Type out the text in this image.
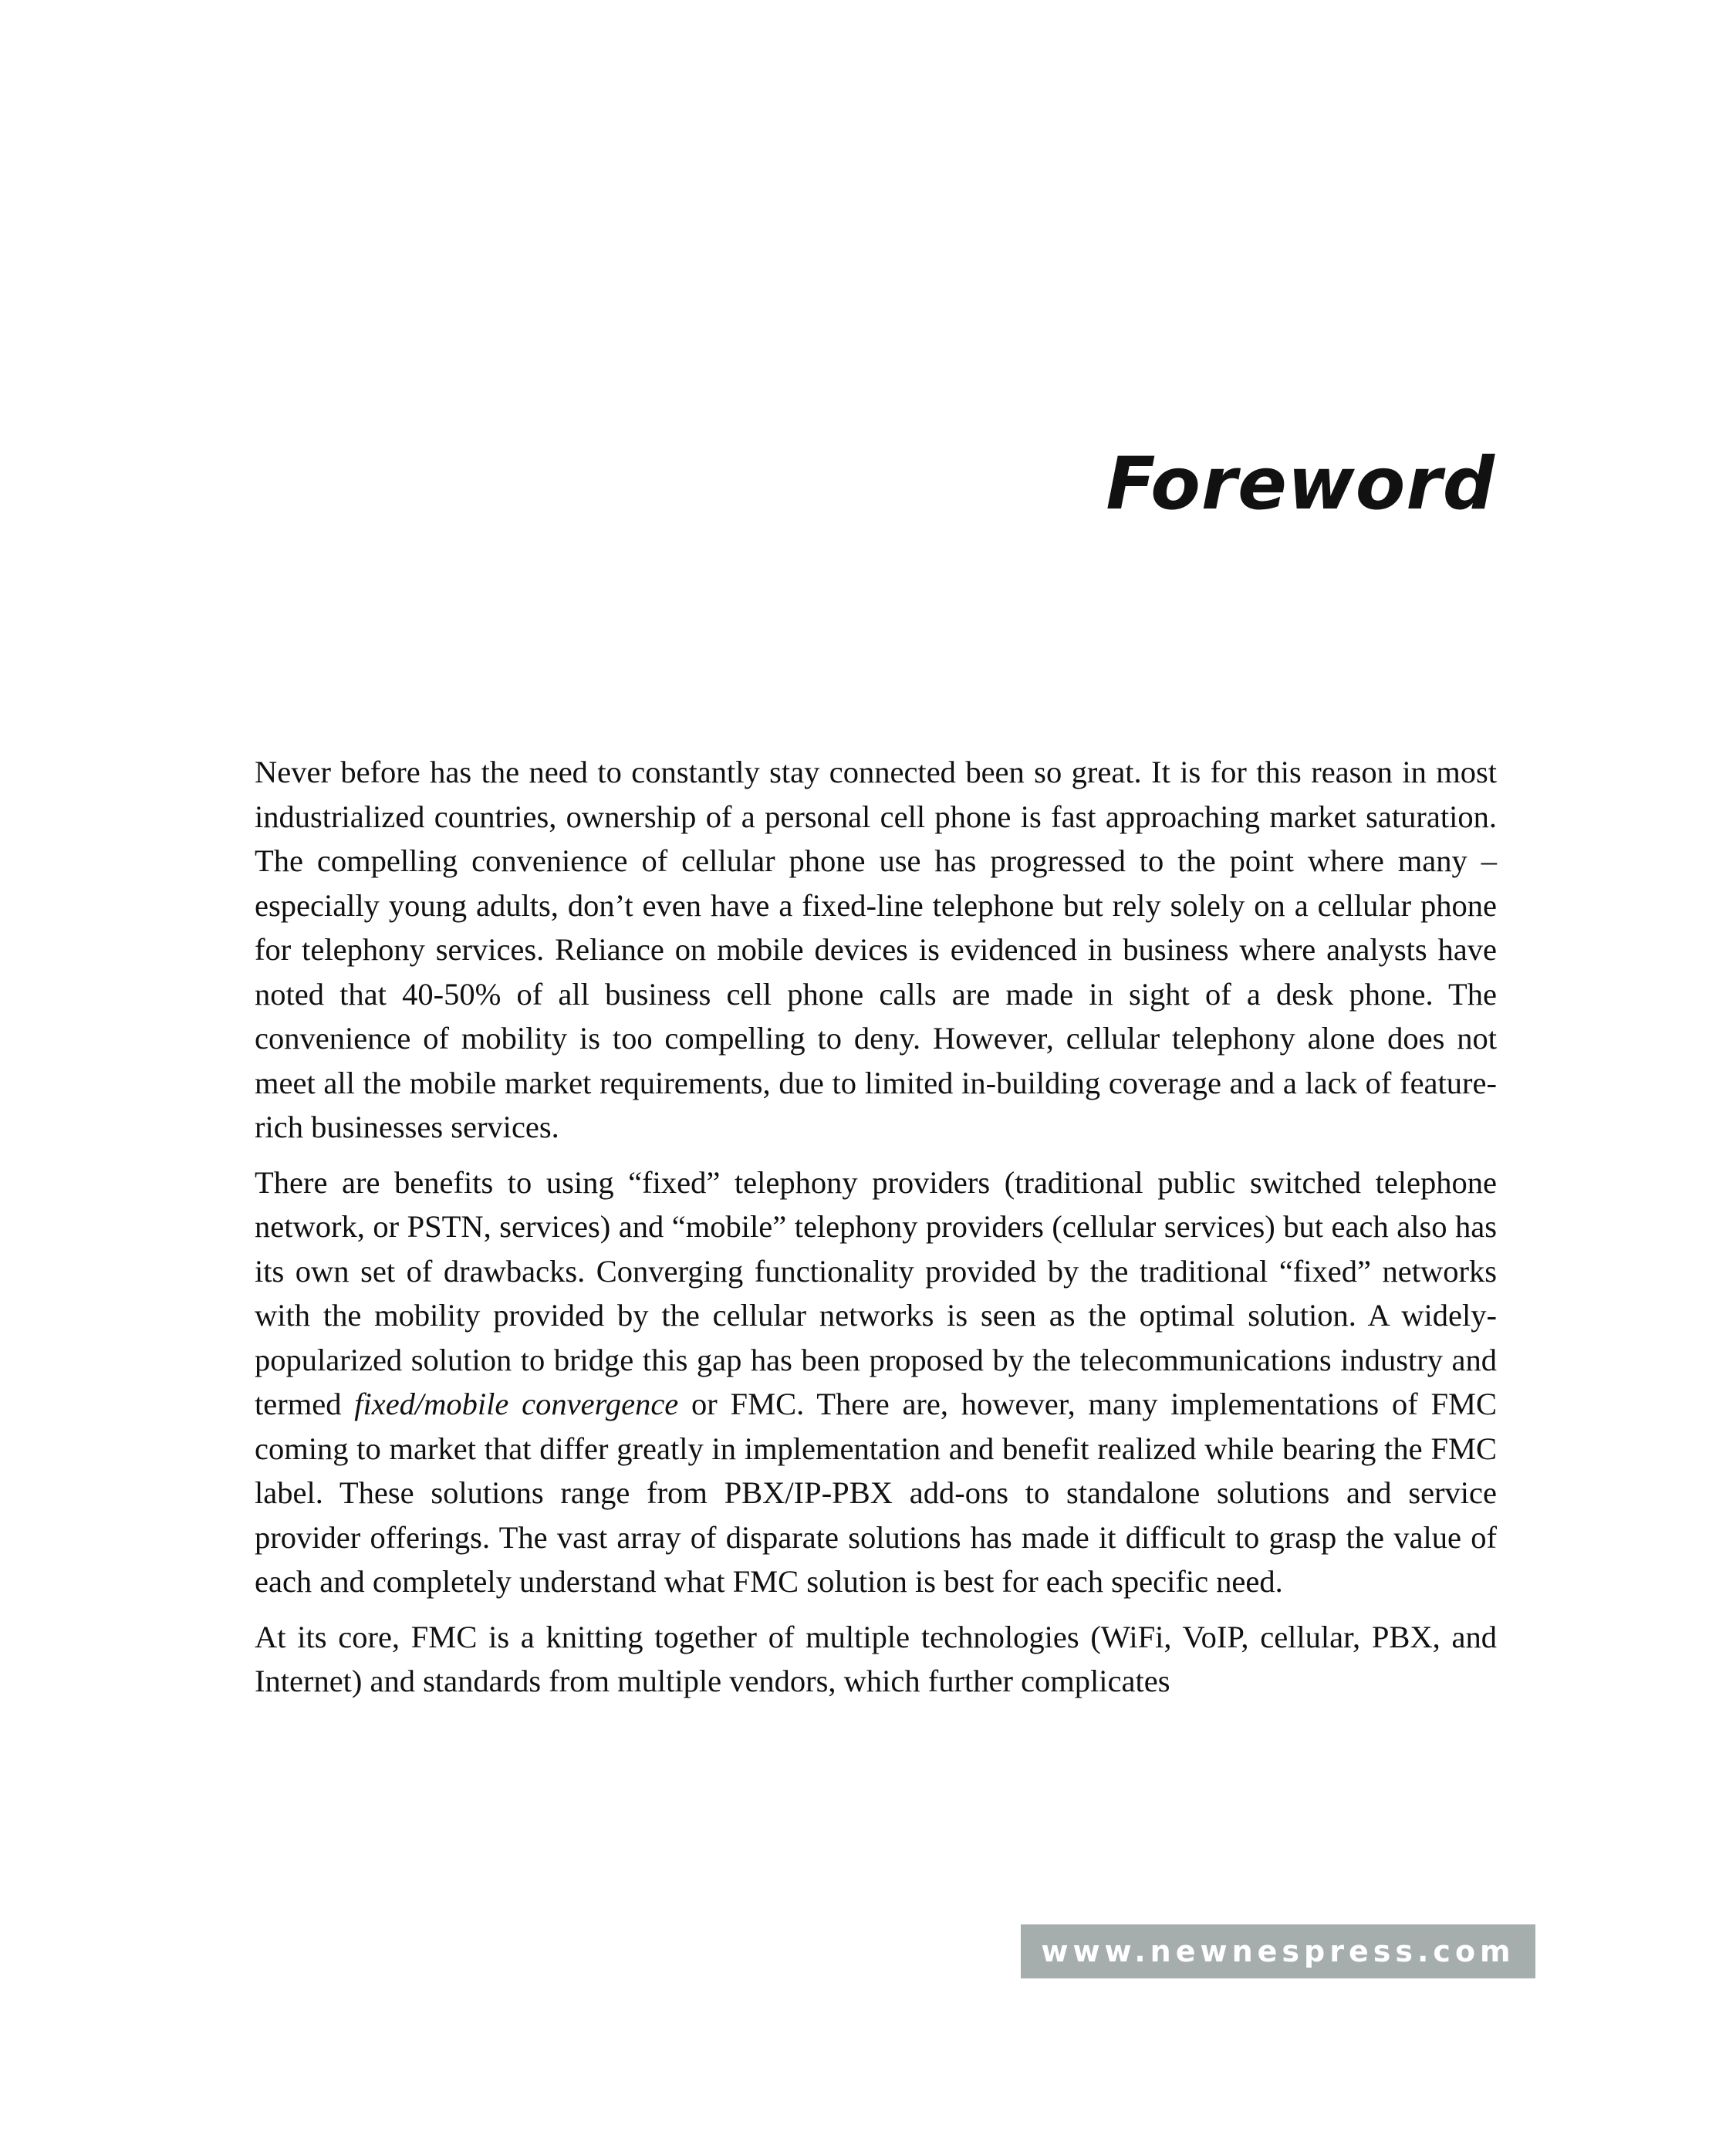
Foreword

Never before has the need to constantly stay connected been so great. It is for this reason in most industrialized countries, ownership of a personal cell phone is fast approaching market saturation. The compelling convenience of cellular phone use has progressed to the point where many – especially young adults, don’t even have a fixed-line telephone but rely solely on a cellular phone for telephony services. Reliance on mobile devices is evidenced in business where analysts have noted that 40-50% of all business cell phone calls are made in sight of a desk phone. The convenience of mobility is too compelling to deny. However, cellular telephony alone does not meet all the mobile market requirements, due to limited in-building coverage and a lack of feature-rich businesses services.

There are benefits to using “fixed” telephony providers (traditional public switched telephone network, or PSTN, services) and “mobile” telephony providers (cellular services) but each also has its own set of drawbacks. Converging functionality provided by the traditional “fixed” networks with the mobility provided by the cellular networks is seen as the optimal solution. A widely-popularized solution to bridge this gap has been proposed by the telecommunications industry and termed fixed/mobile convergence or FMC. There are, however, many implementations of FMC coming to market that differ greatly in implementation and benefit realized while bearing the FMC label. These solutions range from PBX/IP-PBX add-ons to standalone solutions and service provider offerings. The vast array of disparate solutions has made it difficult to grasp the value of each and completely understand what FMC solution is best for each specific need.

At its core, FMC is a knitting together of multiple technologies (WiFi, VoIP, cellular, PBX, and Internet) and standards from multiple vendors, which further complicates

www.newnespress.com
